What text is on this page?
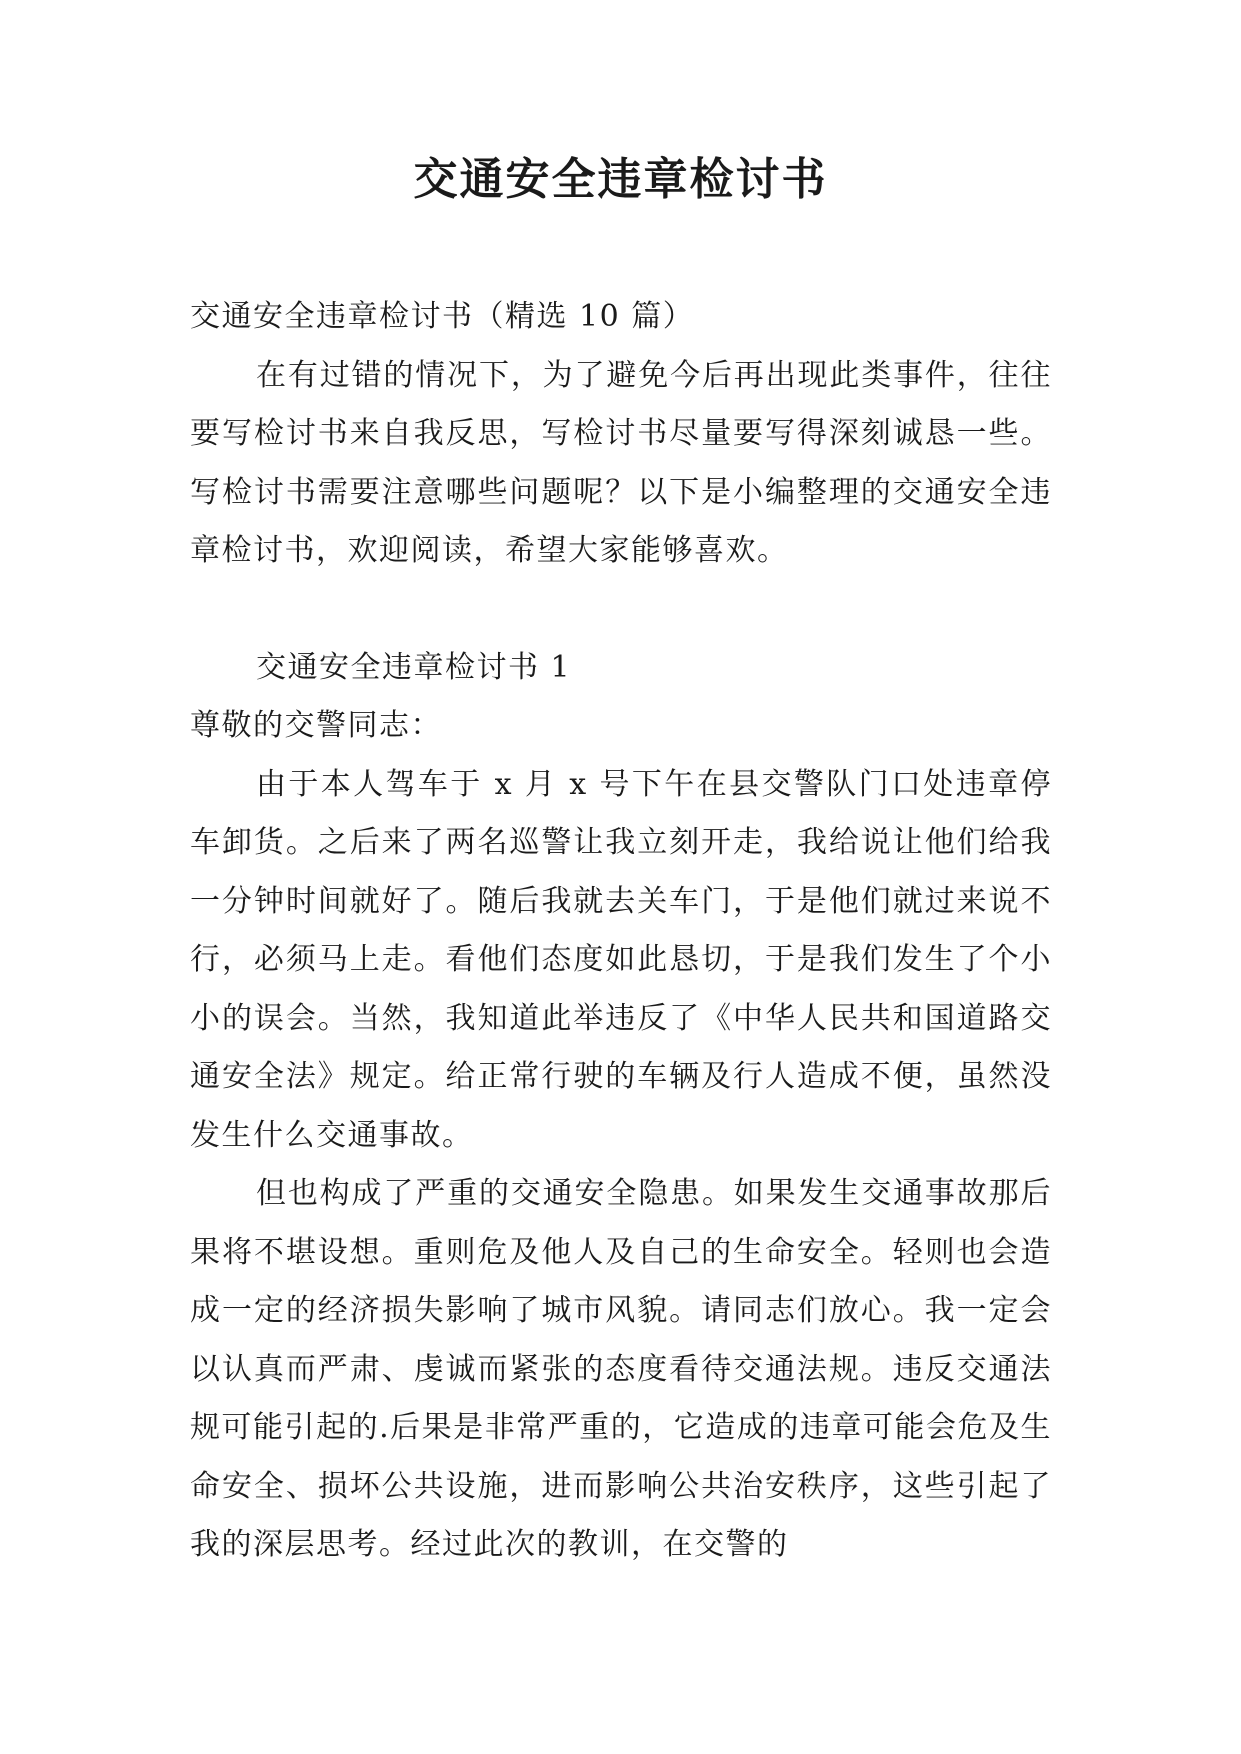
交通安全违章检讨书

交通安全违章检讨书（精选 10 篇）

在有过错的情况下，为了避免今后再出现此类事件，往往要写检讨书来自我反思，写检讨书尽量要写得深刻诚恳一些。写检讨书需要注意哪些问题呢？以下是小编整理的交通安全违章检讨书，欢迎阅读，希望大家能够喜欢。

交通安全违章检讨书 1

尊敬的交警同志：

由于本人驾车于 x 月 x 号下午在县交警队门口处违章停车卸货。之后来了两名巡警让我立刻开走，我给说让他们给我一分钟时间就好了。随后我就去关车门，于是他们就过来说不行，必须马上走。看他们态度如此恳切，于是我们发生了个小小的误会。当然，我知道此举违反了《中华人民共和国道路交通安全法》规定。给正常行驶的车辆及行人造成不便，虽然没发生什么交通事故。

但也构成了严重的交通安全隐患。如果发生交通事故那后果将不堪设想。重则危及他人及自己的生命安全。轻则也会造成一定的经济损失影响了城市风貌。请同志们放心。我一定会以认真而严肃、虔诚而紧张的态度看待交通法规。违反交通法规可能引起的.后果是非常严重的，它造成的违章可能会危及生命安全、损坏公共设施，进而影响公共治安秩序，这些引起了我的深层思考。经过此次的教训，在交警的
